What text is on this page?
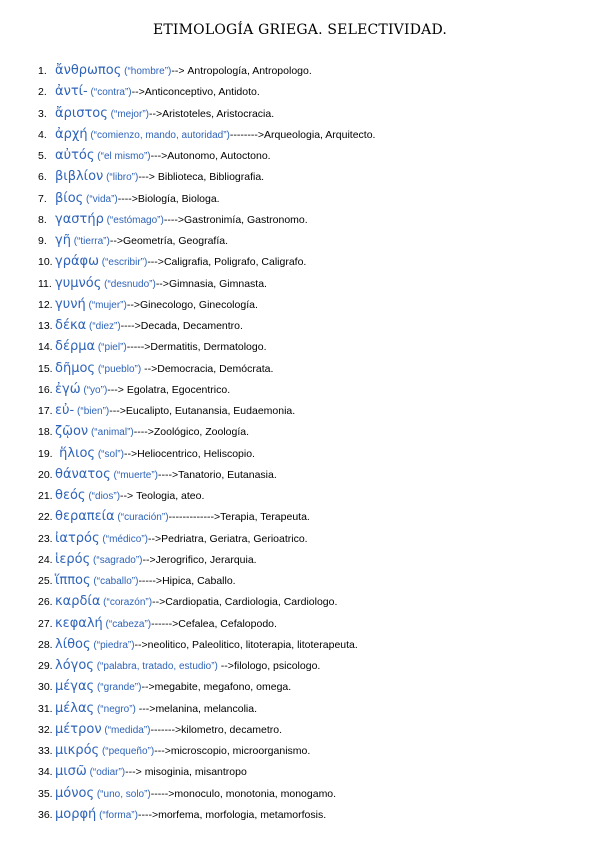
ETIMOLOGÍA GRIEGA. SELECTIVIDAD.
1. ἄνθρωπος (“hombre”)--> Antropología, Antropologo.
2. ἀντί- (“contra”)-->Anticonceptivo, Antidoto.
3. ἄριστος (“mejor”)-->Aristoteles, Aristocracia.
4. ἀρχή (“comienzo, mando, autoridad”)-------->Arqueologia, Arquitecto.
5. αὐτός (“el mismo”)--->Autonomo, Autoctono.
6. βιβλίον (“libro”)---> Biblioteca, Bibliografia.
7. βίος (“vida”)---->Biología, Biologa.
8. γαστήρ (“estómago”)---->Gastronimía, Gastronomo.
9. γῆ (“tierra”)-->Geometría, Geografía.
10. γράφω (“escribir”)--->Caligrafia, Poligrafo, Caligrafo.
11. γυμνός (“desnudo”)-->Gimnasia, Gimnasta.
12. γυνή (“mujer”)-->Ginecologo, Ginecología.
13. δέκα (“diez”)---->Decada, Decamentro.
14. δέρμα (“piel”)----->Dermatitis, Dermatologo.
15. δῆμος (“pueblo”) -->Democracia, Demócrata.
16. ἐγώ (“yo”)---> Egolatra, Egocentrico.
17. εὐ- (“bien”)--->Eucalipto, Eutanansia, Eudaemonia.
18. ζῷον (“animal”)---->Zoológico, Zoología.
19. ἥλιος (“sol”)-->Heliocentrico, Heliscopio.
20. θάνατος (“muerte”)---->Tanatorio, Eutanasia.
21. θεός (“dios”)--> Teologia, ateo.
22. θεραπεία (“curación”)------------->Terapia, Terapeuta.
23. ἰατρός (“médico”)-->Pedriatra, Geriatra, Gerioatrico.
24. ἱερός (“sagrado”)-->Jerogrifico, Jerarquia.
25. ἵππος (“caballo”)----->Hipica, Caballo.
26. καρδία (“corazón”)-->Cardiopatia, Cardiologia, Cardiologo.
27. κεφαλή (“cabeza”)------>Cefalea, Cefalopodo.
28. λίθος (“piedra”)-->neolitico, Paleolitico, litoterapia, litoterapeuta.
29. λόγος (“palabra, tratado, estudio”) -->filologo, psicologo.
30. μέγας (“grande”)-->megabite, megafono, omega.
31. μέλας (“negro”) --->melanina, melancolia.
32. μέτρον (“medida”)------->kilometro, decametro.
33. μικρός (“pequeño”)--->microscopio, microorganismo.
34. μισῶ (“odiar”)---> misoginia, misantropo
35. μόνος (“uno, solo”)----->monoculo, monotonia, monogamo.
36. μορφή (“forma”)---->morfema, morfologia, metamorfosis.
